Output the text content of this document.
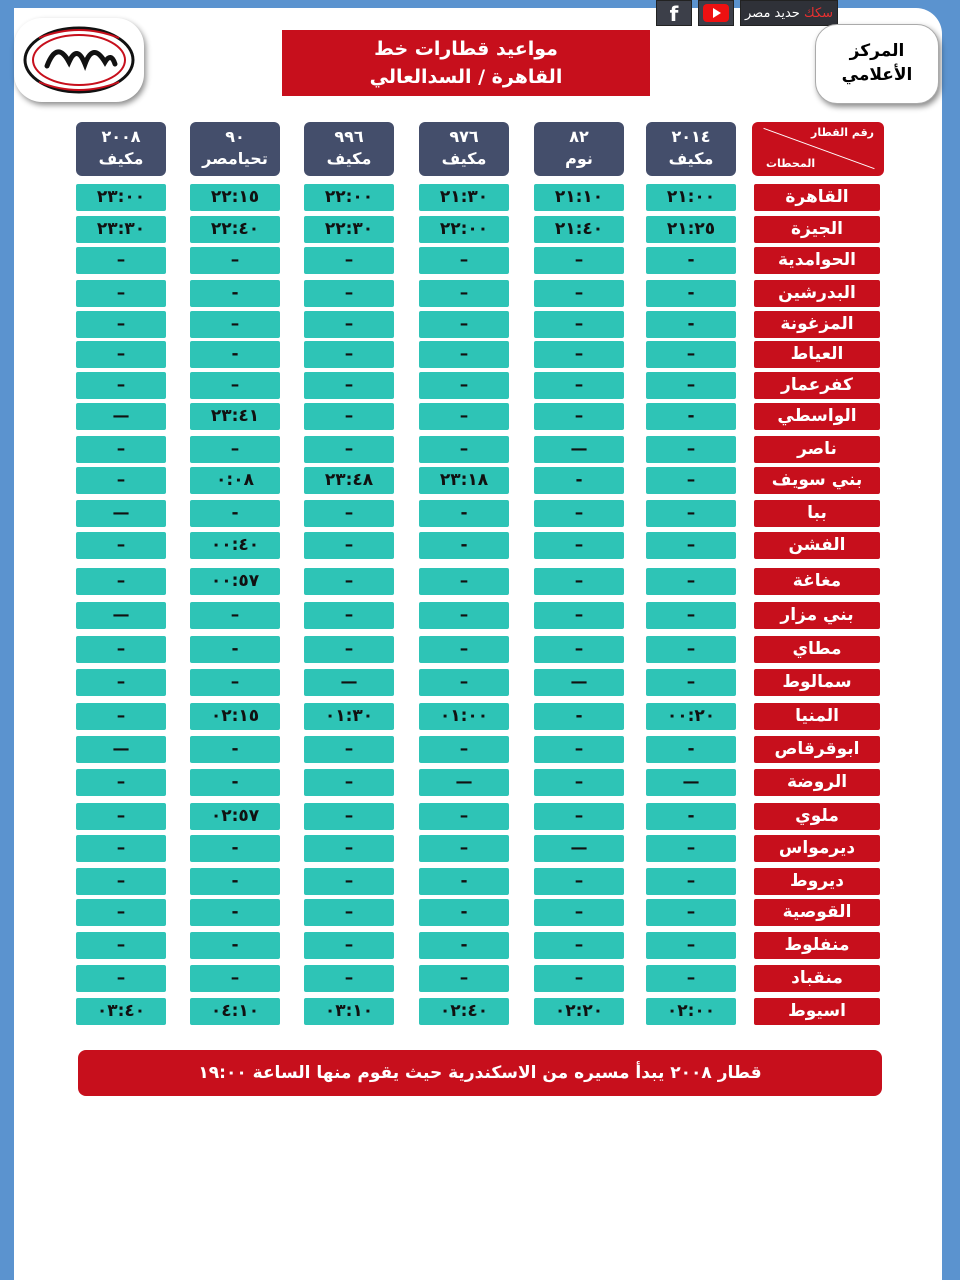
f	سكك حديد مصر
مواعيد قطارات خط
القاهرة / السدالعالي
المركز
الأعلامي
رقم القطار
المحطات
٢٠١٤
مكيف
٨٢
نوم
٩٧٦
مكيف
٩٩٦
مكيف
٩٠
تحيامصر
٢٠٠٨
مكيف
القاهرة
٢١:٠٠
٢١:١٠
٢١:٣٠
٢٢:٠٠
٢٢:١٥
٢٣:٠٠
الجيزة
٢١:٢٥
٢١:٤٠
٢٢:٠٠
٢٢:٣٠
٢٢:٤٠
٢٣:٣٠
الحوامدية
-
–
–
–
–
–
البدرشين
-
–
–
–
-
–
المزغونة
-
–
–
–
–
–
العياط
–
–
–
–
-
–
كفرعمار
–
–
–
–
–
–
الواسطي
-
–
–
–
٢٣:٤١
—
ناصر
–
—
–
–
–
–
بني سويف
–
-
٢٣:١٨
٢٣:٤٨
٠:٠٨
–
ببا
–
–
-
–
-
—
الفشن
–
–
-
–
٠٠:٤٠
–
مغاغة
–
–
–
–
٠٠:٥٧
–
بني مزار
–
–
–
–
–
—
مطاي
–
–
–
–
-
–
سمالوط
–
—
–
—
–
–
المنيا
٠٠:٢٠
-
٠١:٠٠
٠١:٣٠
٠٢:١٥
–
ابوقرقاص
-
–
–
–
-
—
الروضة
—
–
—
–
-
–
ملوي
-
–
–
–
٠٢:٥٧
–
ديرمواس
–
—
–
–
-
–
ديروط
–
–
-
–
-
–
القوصية
–
–
-
–
-
–
منفلوط
–
–
-
–
-
–
منقباد
–
–
–
–
–
–
اسيوط
٠٢:٠٠
٠٢:٢٠
٠٢:٤٠
٠٣:١٠
٠٤:١٠
٠٣:٤٠
قطار ٢٠٠٨ يبدأ مسيره من الاسكندرية حيث يقوم منها الساعة ١٩:٠٠
